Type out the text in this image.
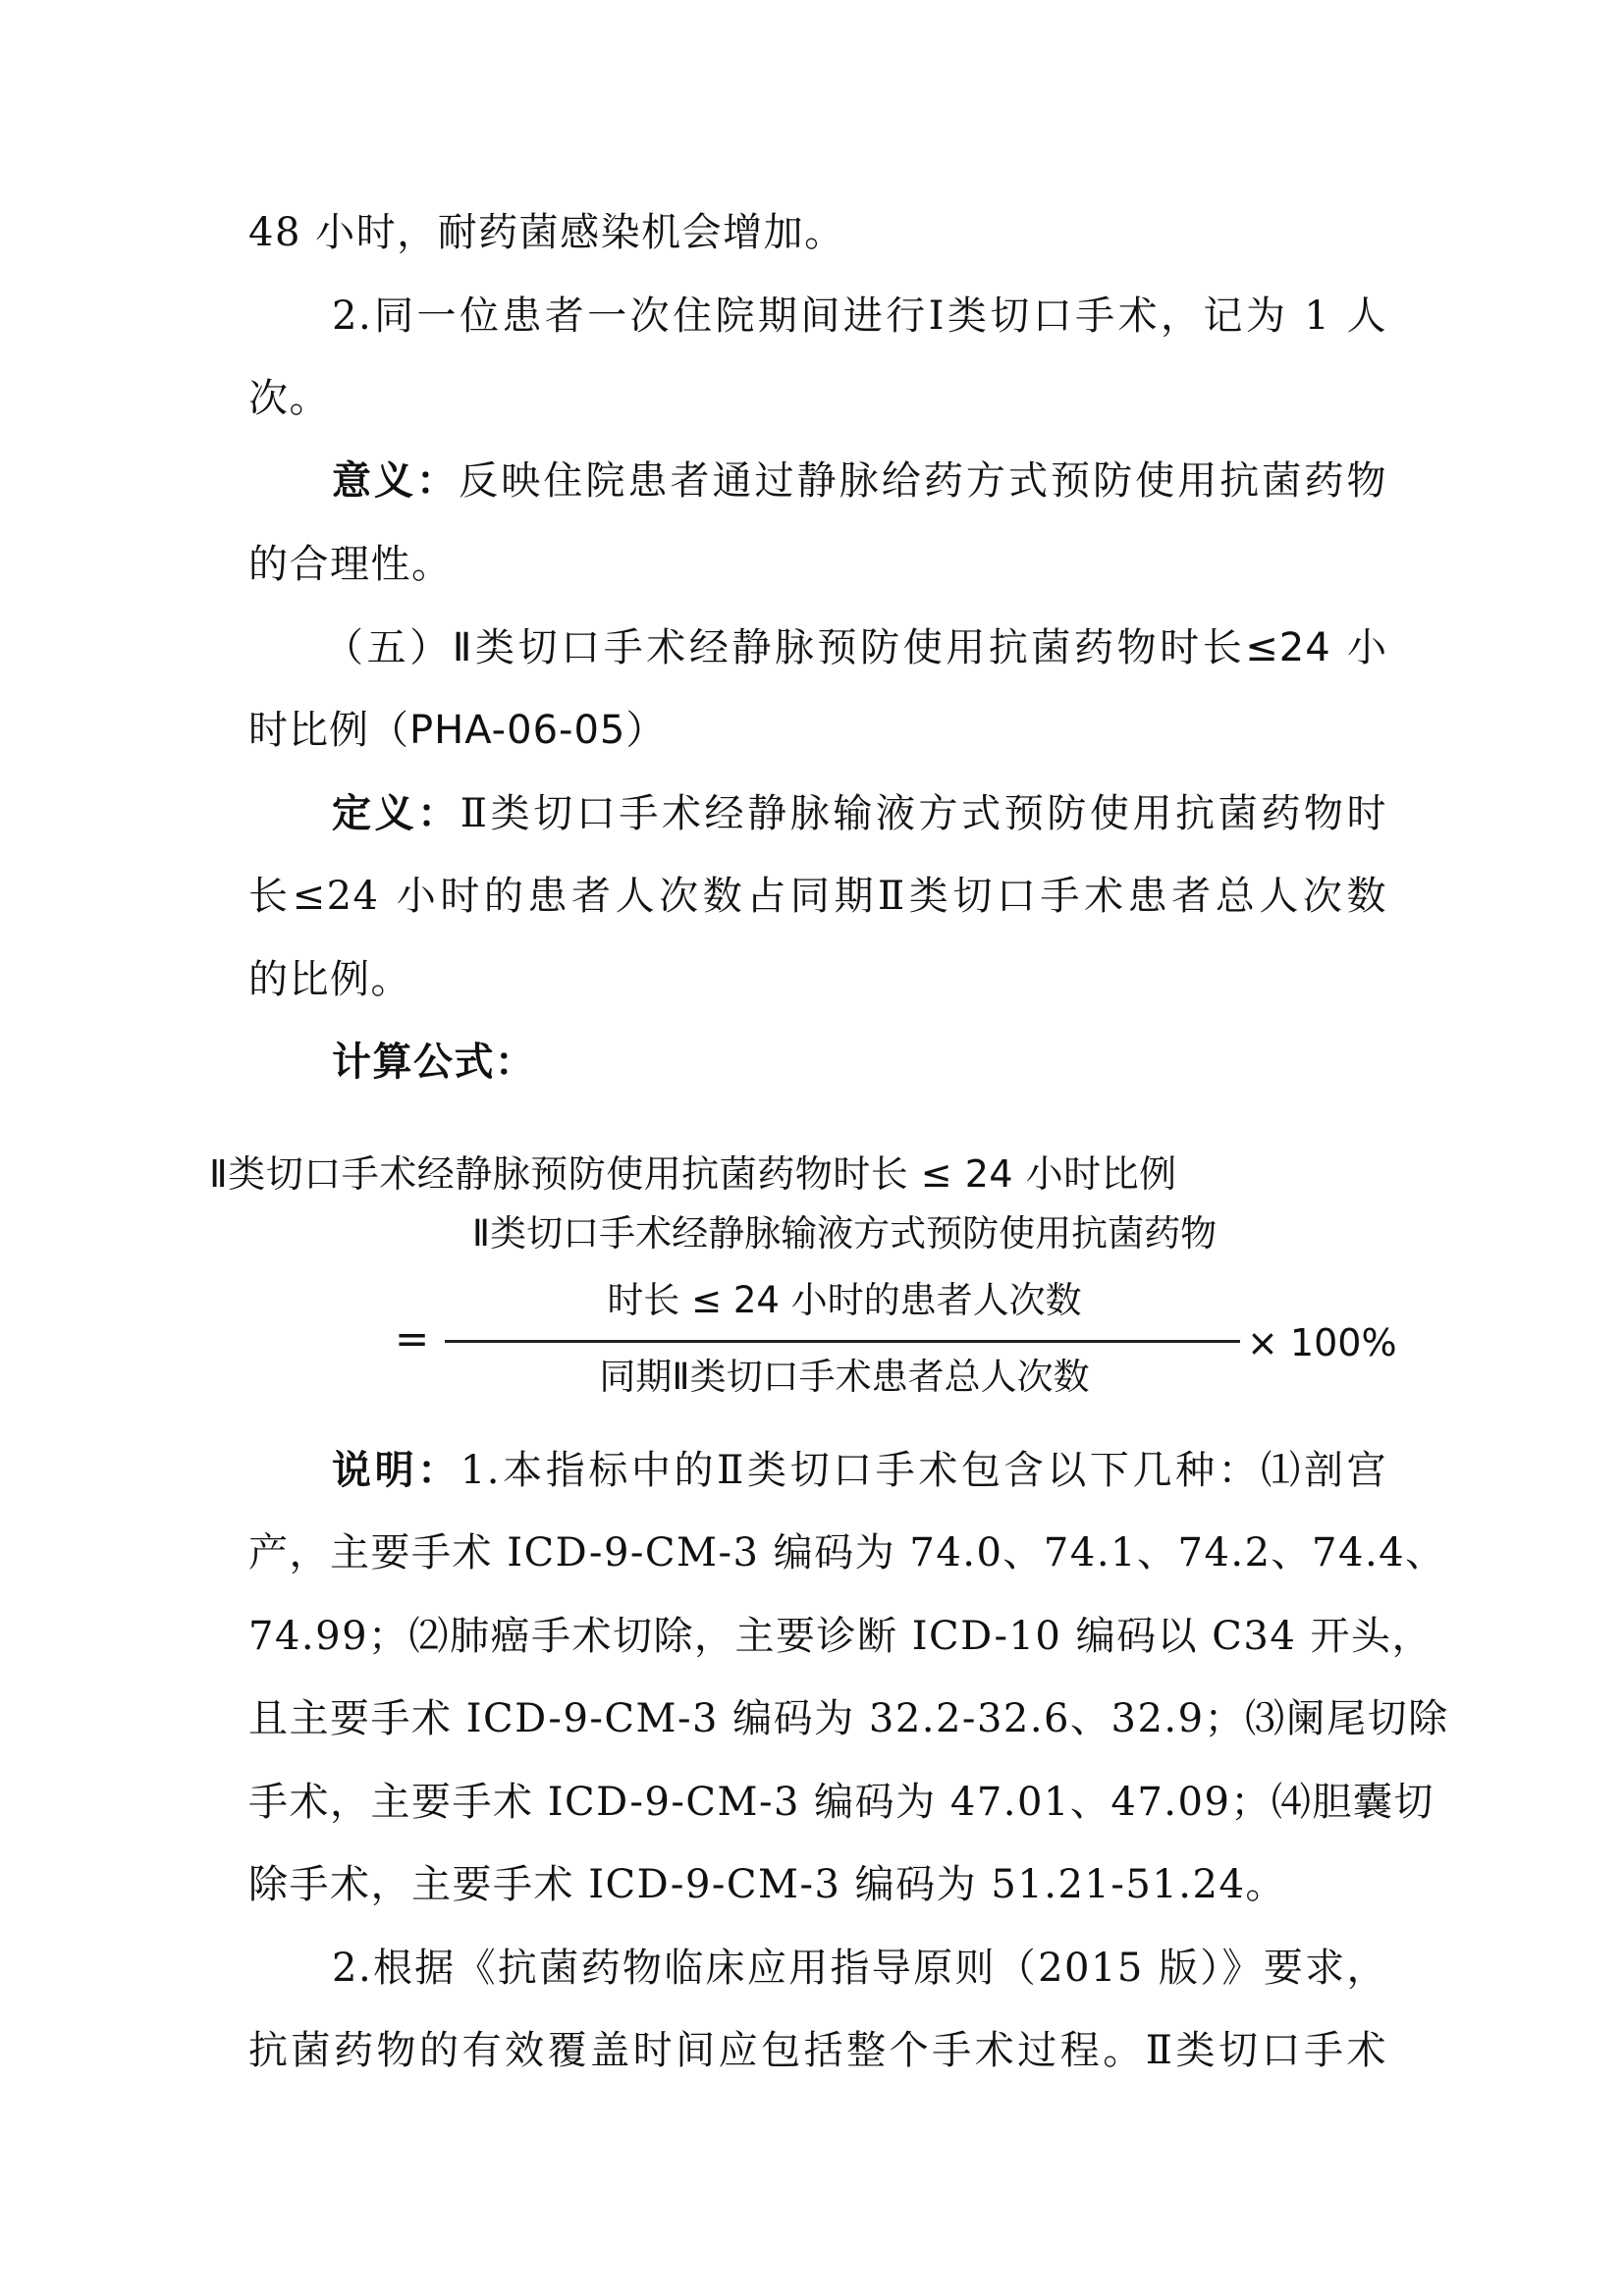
48 小时，耐药菌感染机会增加。
2.同一位患者一次住院期间进行Ⅰ类切口手术，记为 1 人
次。
意义：反映住院患者通过静脉给药方式预防使用抗菌药物
的合理性。
（五）Ⅱ类切口手术经静脉预防使用抗菌药物时长≤24 小
时比例（PHA-06-05）
定义：Ⅱ类切口手术经静脉输液方式预防使用抗菌药物时
长≤24 小时的患者人次数占同期Ⅱ类切口手术患者总人次数
的比例。
计算公式：
Ⅱ类切口手术经静脉预防使用抗菌药物时长 ≤ 24 小时比例
Ⅱ类切口手术经静脉输液方式预防使用抗菌药物
时长 ≤ 24 小时的患者人次数
=
同期Ⅱ类切口手术患者总人次数
× 100%
说明：1.本指标中的Ⅱ类切口手术包含以下几种：⑴剖宫
产，主要手术 ICD-9-CM-3 编码为 74.0、74.1、74.2、74.4、
74.99；⑵肺癌手术切除，主要诊断 ICD-10 编码以 C34 开头，
且主要手术 ICD-9-CM-3 编码为 32.2-32.6、32.9；⑶阑尾切除
手术，主要手术 ICD-9-CM-3 编码为 47.01、47.09；⑷胆囊切
除手术，主要手术 ICD-9-CM-3 编码为 51.21-51.24。
2.根据《抗菌药物临床应用指导原则（2015 版）》要求，
抗菌药物的有效覆盖时间应包括整个手术过程。Ⅱ类切口手术
